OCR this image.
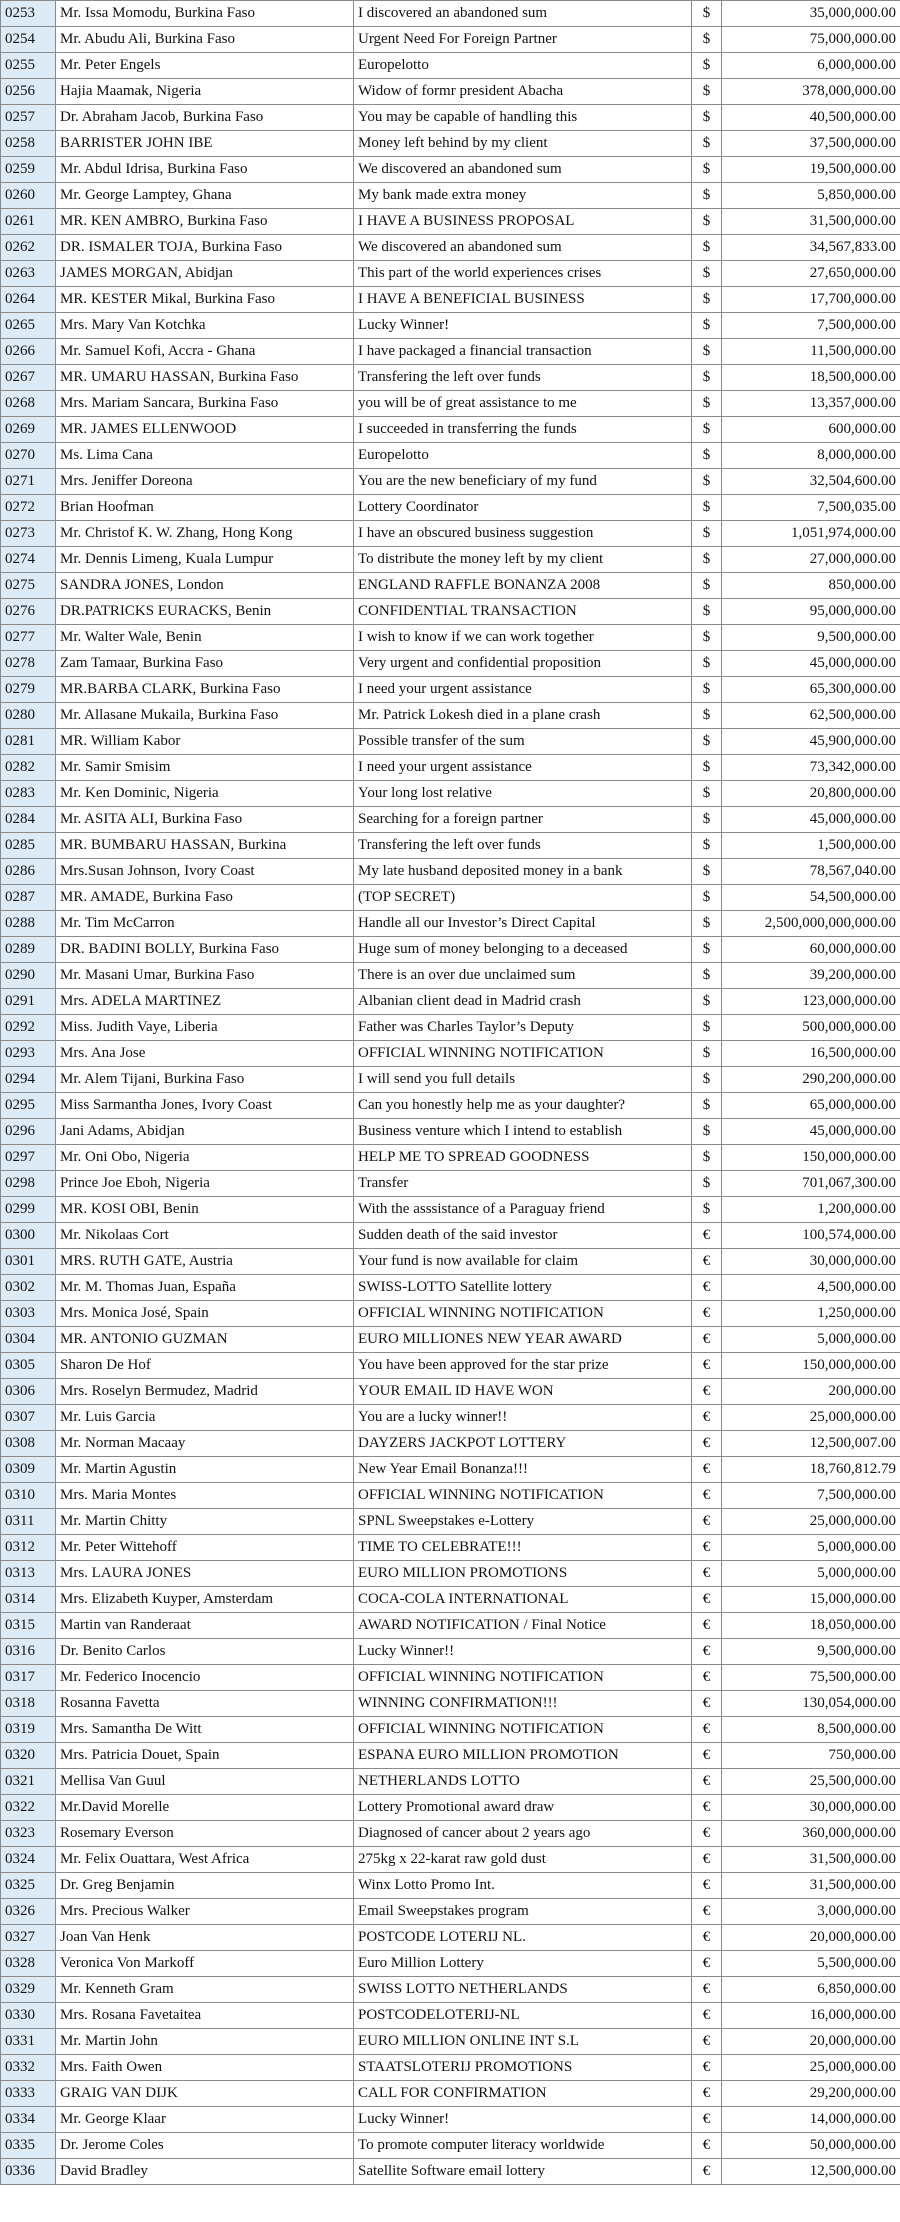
0253	Mr. Issa Momodu, Burkina Faso	I discovered an abandoned sum	$	35,000,000.00
0254	Mr. Abudu Ali, Burkina Faso	Urgent Need For Foreign Partner	$	75,000,000.00
0255	Mr. Peter Engels	Europelotto	$	6,000,000.00
0256	Hajia Maamak, Nigeria	Widow of formr president Abacha	$	378,000,000.00
0257	Dr. Abraham Jacob, Burkina Faso	You may be capable of handling this	$	40,500,000.00
0258	BARRISTER JOHN IBE	Money left behind by my client	$	37,500,000.00
0259	Mr. Abdul Idrisa, Burkina Faso	We discovered an abandoned sum	$	19,500,000.00
0260	Mr. George Lamptey, Ghana	My bank made extra money	$	5,850,000.00
0261	MR. KEN AMBRO, Burkina Faso	I HAVE A BUSINESS PROPOSAL	$	31,500,000.00
0262	DR. ISMALER TOJA, Burkina Faso	We discovered an abandoned sum	$	34,567,833.00
0263	JAMES MORGAN, Abidjan	This part of the world experiences crises	$	27,650,000.00
0264	MR. KESTER Mikal, Burkina Faso	I HAVE A BENEFICIAL BUSINESS	$	17,700,000.00
0265	Mrs. Mary Van Kotchka	Lucky Winner!	$	7,500,000.00
0266	Mr. Samuel Kofi, Accra - Ghana	I have packaged a financial transaction	$	11,500,000.00
0267	MR. UMARU HASSAN, Burkina Faso	Transfering the left over funds	$	18,500,000.00
0268	Mrs. Mariam Sancara, Burkina Faso	you will be of great assistance to me	$	13,357,000.00
0269	MR. JAMES ELLENWOOD	I succeeded in transferring the funds	$	600,000.00
0270	Ms. Lima Cana	Europelotto	$	8,000,000.00
0271	Mrs. Jeniffer Doreona	You are the new beneficiary of my fund	$	32,504,600.00
0272	Brian Hoofman	Lottery Coordinator	$	7,500,035.00
0273	Mr. Christof K. W. Zhang, Hong Kong	I have an obscured business suggestion	$	1,051,974,000.00
0274	Mr. Dennis Limeng, Kuala Lumpur	To distribute the money left by my client	$	27,000,000.00
0275	SANDRA JONES, London	ENGLAND RAFFLE BONANZA 2008	$	850,000.00
0276	DR.PATRICKS EURACKS, Benin	CONFIDENTIAL TRANSACTION	$	95,000,000.00
0277	Mr. Walter Wale, Benin	I wish to know if we can work together	$	9,500,000.00
0278	Zam Tamaar, Burkina Faso	Very urgent and confidential proposition	$	45,000,000.00
0279	MR.BARBA CLARK, Burkina Faso	I need your urgent assistance	$	65,300,000.00
0280	Mr. Allasane Mukaila, Burkina Faso	Mr. Patrick Lokesh died in a plane crash	$	62,500,000.00
0281	MR. William Kabor	Possible transfer of the sum	$	45,900,000.00
0282	Mr. Samir Smisim	I need your urgent assistance	$	73,342,000.00
0283	Mr. Ken Dominic, Nigeria	Your long lost relative	$	20,800,000.00
0284	Mr. ASITA ALI, Burkina Faso	Searching for a foreign partner	$	45,000,000.00
0285	MR. BUMBARU HASSAN, Burkina	Transfering the left over funds	$	1,500,000.00
0286	Mrs.Susan Johnson, Ivory Coast	My late husband deposited money in a bank	$	78,567,040.00
0287	MR. AMADE, Burkina Faso	(TOP SECRET)	$	54,500,000.00
0288	Mr. Tim McCarron	Handle all our Investor’s Direct Capital	$	2,500,000,000,000.00
0289	DR. BADINI BOLLY, Burkina Faso	Huge sum of money belonging to a deceased	$	60,000,000.00
0290	Mr. Masani Umar, Burkina Faso	There is an over due unclaimed sum	$	39,200,000.00
0291	Mrs. ADELA MARTINEZ	Albanian client dead in Madrid crash	$	123,000,000.00
0292	Miss. Judith Vaye, Liberia	Father was Charles Taylor’s Deputy	$	500,000,000.00
0293	Mrs. Ana Jose	OFFICIAL WINNING NOTIFICATION	$	16,500,000.00
0294	Mr. Alem Tijani, Burkina Faso	I will send you full details	$	290,200,000.00
0295	Miss Sarmantha Jones, Ivory Coast	Can you honestly help me as your daughter?	$	65,000,000.00
0296	Jani Adams, Abidjan	Business venture which I intend to establish	$	45,000,000.00
0297	Mr. Oni Obo, Nigeria	HELP ME TO SPREAD GOODNESS	$	150,000,000.00
0298	Prince Joe Eboh, Nigeria	Transfer	$	701,067,300.00
0299	MR. KOSI OBI, Benin	With the asssistance of a Paraguay friend	$	1,200,000.00
0300	Mr. Nikolaas Cort	Sudden death of the said investor	€	100,574,000.00
0301	MRS. RUTH GATE, Austria	Your fund is now available for claim	€	30,000,000.00
0302	Mr. M. Thomas Juan, España	SWISS-LOTTO Satellite lottery	€	4,500,000.00
0303	Mrs. Monica José, Spain	OFFICIAL WINNING NOTIFICATION	€	1,250,000.00
0304	MR. ANTONIO GUZMAN	EURO MILLIONES NEW YEAR AWARD	€	5,000,000.00
0305	Sharon De Hof	You have been approved for the star prize	€	150,000,000.00
0306	Mrs. Roselyn Bermudez, Madrid	YOUR EMAIL ID HAVE WON	€	200,000.00
0307	Mr. Luis Garcia	You are a lucky winner!!	€	25,000,000.00
0308	Mr. Norman Macaay	DAYZERS JACKPOT LOTTERY	€	12,500,007.00
0309	Mr. Martin Agustin	New Year Email Bonanza!!!	€	18,760,812.79
0310	Mrs. Maria Montes	OFFICIAL WINNING NOTIFICATION	€	7,500,000.00
0311	Mr. Martin Chitty	SPNL Sweepstakes e-Lottery	€	25,000,000.00
0312	Mr. Peter Wittehoff	TIME TO CELEBRATE!!!	€	5,000,000.00
0313	Mrs. LAURA JONES	EURO MILLION PROMOTIONS	€	5,000,000.00
0314	Mrs. Elizabeth Kuyper, Amsterdam	COCA-COLA INTERNATIONAL	€	15,000,000.00
0315	Martin van Randeraat	AWARD NOTIFICATION / Final Notice	€	18,050,000.00
0316	Dr. Benito Carlos	Lucky Winner!!	€	9,500,000.00
0317	Mr. Federico Inocencio	OFFICIAL WINNING NOTIFICATION	€	75,500,000.00
0318	Rosanna Favetta	WINNING CONFIRMATION!!!	€	130,054,000.00
0319	Mrs. Samantha De Witt	OFFICIAL WINNING NOTIFICATION	€	8,500,000.00
0320	Mrs. Patricia Douet, Spain	ESPANA EURO MILLION PROMOTION	€	750,000.00
0321	Mellisa Van Guul	NETHERLANDS LOTTO	€	25,500,000.00
0322	Mr.David Morelle	Lottery Promotional award draw	€	30,000,000.00
0323	Rosemary Everson	Diagnosed of cancer about 2 years ago	€	360,000,000.00
0324	Mr. Felix Ouattara, West Africa	275kg x 22-karat raw gold dust	€	31,500,000.00
0325	Dr. Greg Benjamin	Winx Lotto Promo Int.	€	31,500,000.00
0326	Mrs. Precious Walker	Email Sweepstakes program	€	3,000,000.00
0327	Joan Van Henk	POSTCODE LOTERIJ NL.	€	20,000,000.00
0328	Veronica Von Markoff	Euro Million Lottery	€	5,500,000.00
0329	Mr. Kenneth Gram	SWISS LOTTO NETHERLANDS	€	6,850,000.00
0330	Mrs. Rosana Favetaitea	POSTCODELOTERIJ-NL	€	16,000,000.00
0331	Mr. Martin John	EURO MILLION ONLINE INT S.L	€	20,000,000.00
0332	Mrs. Faith Owen	STAATSLOTERIJ PROMOTIONS	€	25,000,000.00
0333	GRAIG VAN DIJK	CALL FOR CONFIRMATION	€	29,200,000.00
0334	Mr. George Klaar	Lucky Winner!	€	14,000,000.00
0335	Dr. Jerome Coles	To promote computer literacy worldwide	€	50,000,000.00
0336	David Bradley	Satellite Software email lottery	€	12,500,000.00
